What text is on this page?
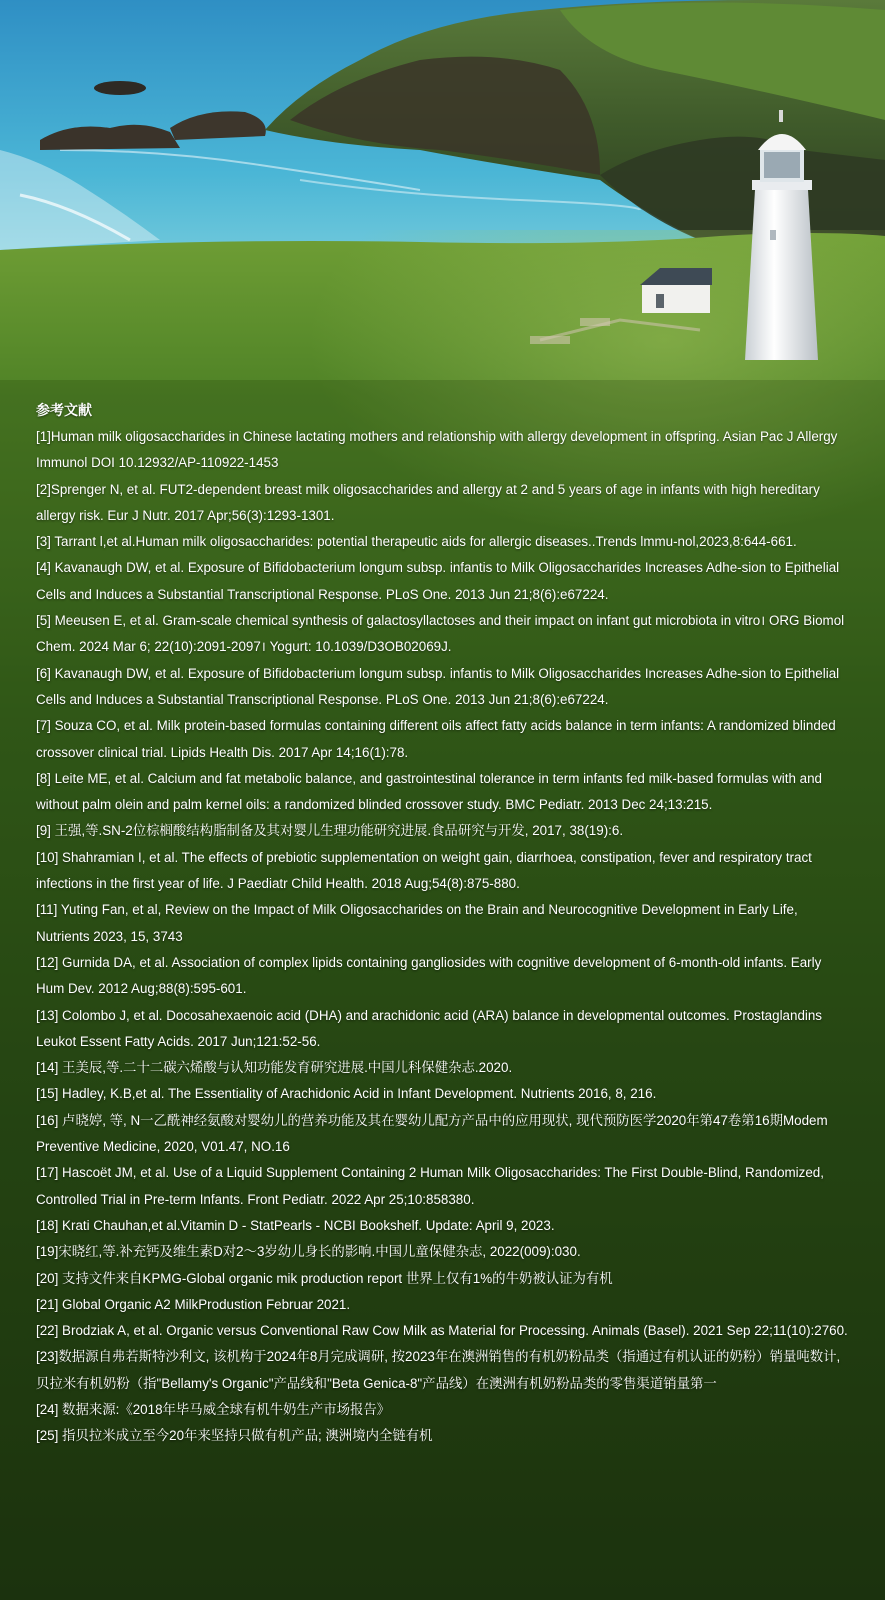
参考文献

[1]Human milk oligosaccharides in Chinese lactating mothers and relationship with allergy development in offspring. Asian Pac J Allergy Immunol DOI 10.12932/AP-110922-1453

[2]Sprenger N, et al. FUT2-dependent breast milk oligosaccharides and allergy at 2 and 5 years of age in infants with high hereditary allergy risk. Eur J Nutr. 2017 Apr;56(3):1293-1301.

[3] Tarrant l,et al.Human milk oligosaccharides: potential therapeutic aids for allergic diseases..Trends lmmu-nol,2023,8:644-661.

[4] Kavanaugh DW, et al. Exposure of Bifidobacterium longum subsp. infantis to Milk Oligosaccharides Increases Adhe-sion to Epithelial Cells and Induces a Substantial Transcriptional Response. PLoS One. 2013 Jun 21;8(6):e67224.

[5] Meeusen E, et al. Gram-scale chemical synthesis of galactosyllactoses and their impact on infant gut microbiota in vitro। ORG Biomol Chem. 2024 Mar 6; 22(10):2091-2097। Yogurt: 10.1039/D3OB02069J.

[6] Kavanaugh DW, et al. Exposure of Bifidobacterium longum subsp. infantis to Milk Oligosaccharides Increases Adhe-sion to Epithelial Cells and Induces a Substantial Transcriptional Response. PLoS One. 2013 Jun 21;8(6):e67224.

[7] Souza CO, et al. Milk protein-based formulas containing different oils affect fatty acids balance in term infants: A randomized blinded crossover clinical trial. Lipids Health Dis. 2017 Apr 14;16(1):78.

[8] Leite ME, et al. Calcium and fat metabolic balance, and gastrointestinal tolerance in term infants fed milk-based formulas with and without palm olein and palm kernel oils: a randomized blinded crossover study. BMC Pediatr. 2013 Dec 24;13:215.

[9] 王强,等.SN-2位棕榈酸结构脂制备及其对婴儿生理功能研究进展.食品研究与开发, 2017, 38(19):6.

[10] Shahramian I, et al. The effects of prebiotic supplementation on weight gain, diarrhoea, constipation, fever and respiratory tract infections in the first year of life. J Paediatr Child Health. 2018 Aug;54(8):875-880.

[11] Yuting Fan, et al, Review on the Impact of Milk Oligosaccharides on the Brain and Neurocognitive Development in Early Life, Nutrients 2023, 15, 3743

[12] Gurnida DA, et al. Association of complex lipids containing gangliosides with cognitive development of 6-month-old infants. Early Hum Dev. 2012 Aug;88(8):595-601.

[13] Colombo J, et al. Docosahexaenoic acid (DHA) and arachidonic acid (ARA) balance in developmental outcomes. Prostaglandins Leukot Essent Fatty Acids. 2017 Jun;121:52-56.

[14] 王美辰,等.二十二碳六烯酸与认知功能发育研究进展.中国儿科保健杂志.2020.

[15] Hadley, K.B,et al. The Essentiality of Arachidonic Acid in Infant Development. Nutrients 2016, 8, 216.

[16] 卢晓婷, 等, N一乙酰神经氨酸对婴幼儿的营养功能及其在婴幼儿配方产品中的应用现状, 现代预防医学2020年第47卷第16期Modem Preventive Medicine, 2020, V01.47, NO.16

[17] Hascoët JM, et al. Use of a Liquid Supplement Containing 2 Human Milk Oligosaccharides: The First Double-Blind, Randomized, Controlled Trial in Pre-term Infants. Front Pediatr. 2022 Apr 25;10:858380.

[18] Krati Chauhan,et al.Vitamin D - StatPearls - NCBI Bookshelf. Update: April 9, 2023.

[19]宋晓红,等.补充钙及维生素D对2～3岁幼儿身长的影响.中国儿童保健杂志, 2022(009):030.

[20] 支持文件来自KPMG-Global organic mik production report 世界上仅有1%的牛奶被认证为有机

[21] Global Organic A2 MilkProdustion Februar 2021.

[22] Brodziak A, et al. Organic versus Conventional Raw Cow Milk as Material for Processing. Animals (Basel). 2021 Sep 22;11(10):2760.

[23]数据源自弗若斯特沙利文, 该机构于2024年8月完成调研, 按2023年在澳洲销售的有机奶粉品类（指通过有机认证的奶粉）销量吨数计, 贝拉米有机奶粉（指"Bellamy's Organic"产品线和"Beta Genica-8"产品线）在澳洲有机奶粉品类的零售渠道销量第一

[24] 数据来源:《2018年毕马威全球有机牛奶生产市场报告》

[25] 指贝拉米成立至今20年来坚持只做有机产品; 澳洲境内全链有机
